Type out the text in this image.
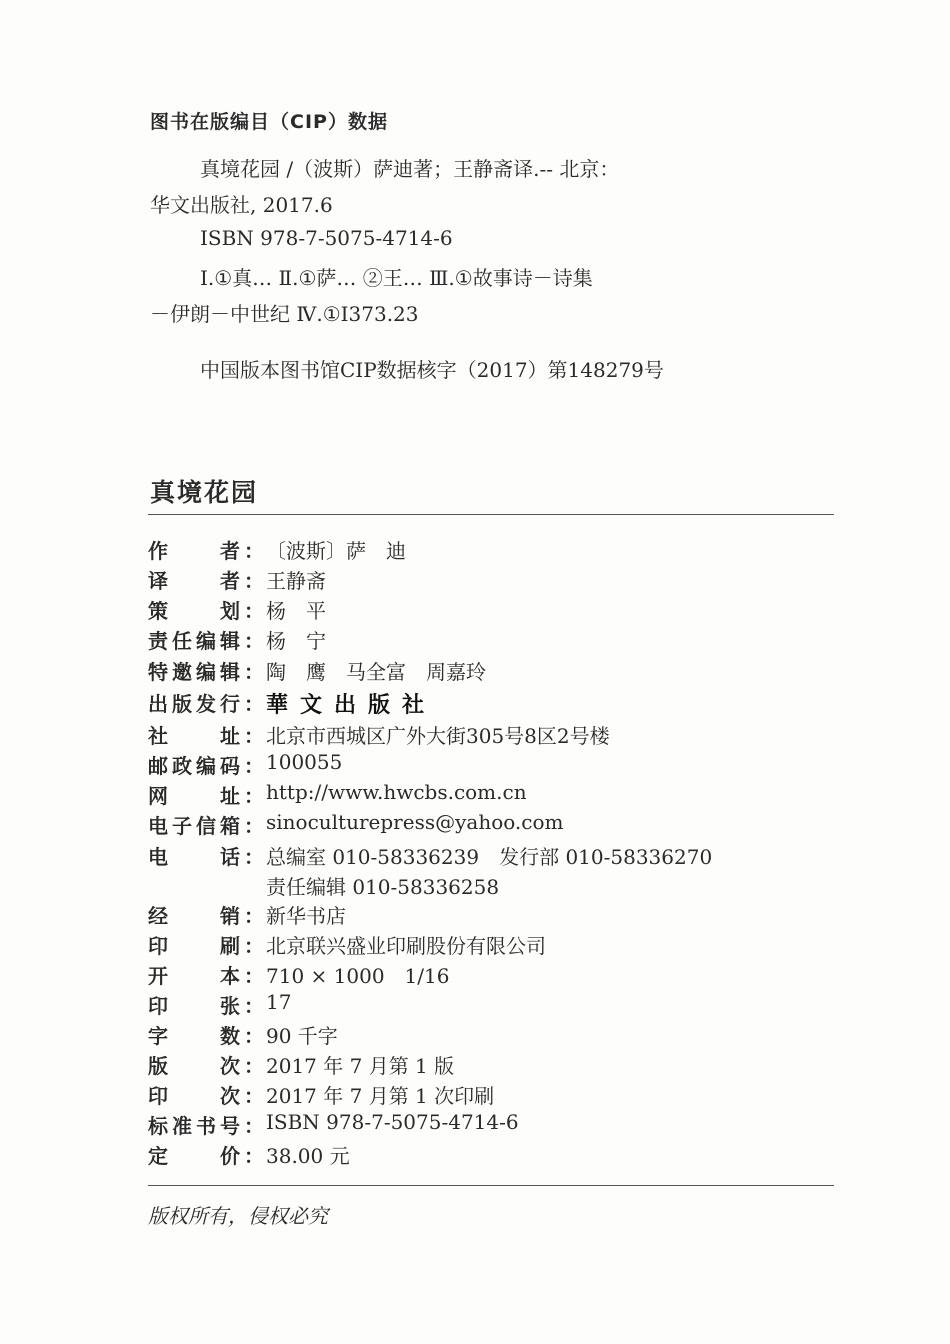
图书在版编目（CIP）数据
真境花园 /（波斯）萨迪著；王静斋译.-- 北京：
华文出版社, 2017.6
ISBN 978-7-5075-4714-6
Ⅰ.①真… Ⅱ.①萨… ②王… Ⅲ.①故事诗－诗集
－伊朗－中世纪 Ⅳ.①I373.23
中国版本图书馆CIP数据核字（2017）第148279号
真境花园
作者 ： 〔波斯〕萨　迪
译者 ： 王静斋
策划 ： 杨　平
责任编辑 ： 杨　宁
特邀编辑 ： 陶　鹰　马全富　周嘉玲
出版发行 ： 華文出版社
社址 ： 北京市西城区广外大街305号8区2号楼
邮政编码 ： 100055
网址 ： http://www.hwcbs.com.cn
电子信箱 ： sinoculturepress@yahoo.com
电话 ： 总编室 010-58336239　发行部 010-58336270
责任编辑 010-58336258
经销 ： 新华书店
印刷 ： 北京联兴盛业印刷股份有限公司
开本 ： 710 × 1000　1/16
印张 ： 17
字数 ： 90 千字
版次 ： 2017 年 7 月第 1 版
印次 ： 2017 年 7 月第 1 次印刷
标准书号 ： ISBN 978-7-5075-4714-6
定价 ： 38.00 元
版权所有，侵权必究
